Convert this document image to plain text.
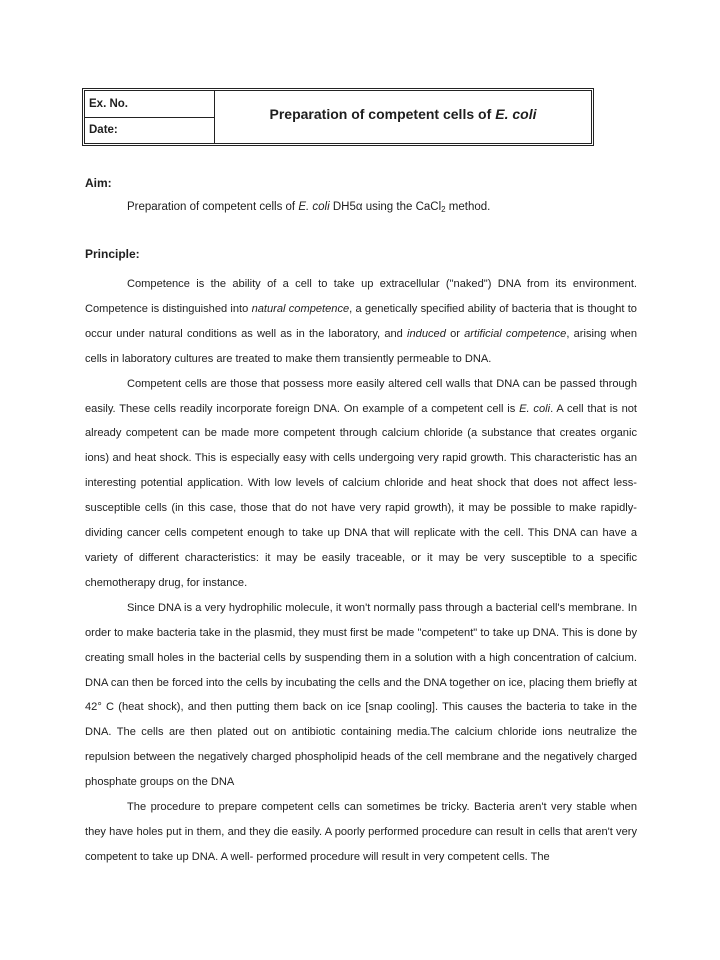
Ex. No.
Date:
Preparation of competent cells of E. coli
Aim:
Preparation of competent cells of E. coli DH5α using the CaCl$_2$ method.
Principle:

Competence is the ability of a cell to take up extracellular ("naked") DNA from its environment. Competence is distinguished into natural competence, a genetically specified ability of bacteria that is thought to occur under natural conditions as well as in the laboratory, and induced or artificial competence, arising when cells in laboratory cultures are treated to make them transiently permeable to DNA.

Competent cells are those that possess more easily altered cell walls that DNA can be passed through easily. These cells readily incorporate foreign DNA. On example of a competent cell is E. coli. A cell that is not already competent can be made more competent through calcium chloride (a substance that creates organic ions) and heat shock. This is especially easy with cells undergoing very rapid growth. This characteristic has an interesting potential application. With low levels of calcium chloride and heat shock that does not affect less-susceptible cells (in this case, those that do not have very rapid growth), it may be possible to make rapidly-dividing cancer cells competent enough to take up DNA that will replicate with the cell. This DNA can have a variety of different characteristics: it may be easily traceable, or it may be very susceptible to a specific chemotherapy drug, for instance.

Since DNA is a very hydrophilic molecule, it won't normally pass through a bacterial cell's membrane. In order to make bacteria take in the plasmid, they must first be made "competent" to take up DNA. This is done by creating small holes in the bacterial cells by suspending them in a solution with a high concentration of calcium. DNA can then be forced into the cells by incubating the cells and the DNA together on ice, placing them briefly at 42° C (heat shock), and then putting them back on ice [snap cooling]. This causes the bacteria to take in the DNA. The cells are then plated out on antibiotic containing media.The calcium chloride ions neutralize the repulsion between the negatively charged phospholipid heads of the cell membrane and the negatively charged phosphate groups on the DNA

The procedure to prepare competent cells can sometimes be tricky. Bacteria aren't very stable when they have holes put in them, and they die easily. A poorly performed procedure can result in cells that aren't very competent to take up DNA. A well- performed procedure will result in very competent cells. The
